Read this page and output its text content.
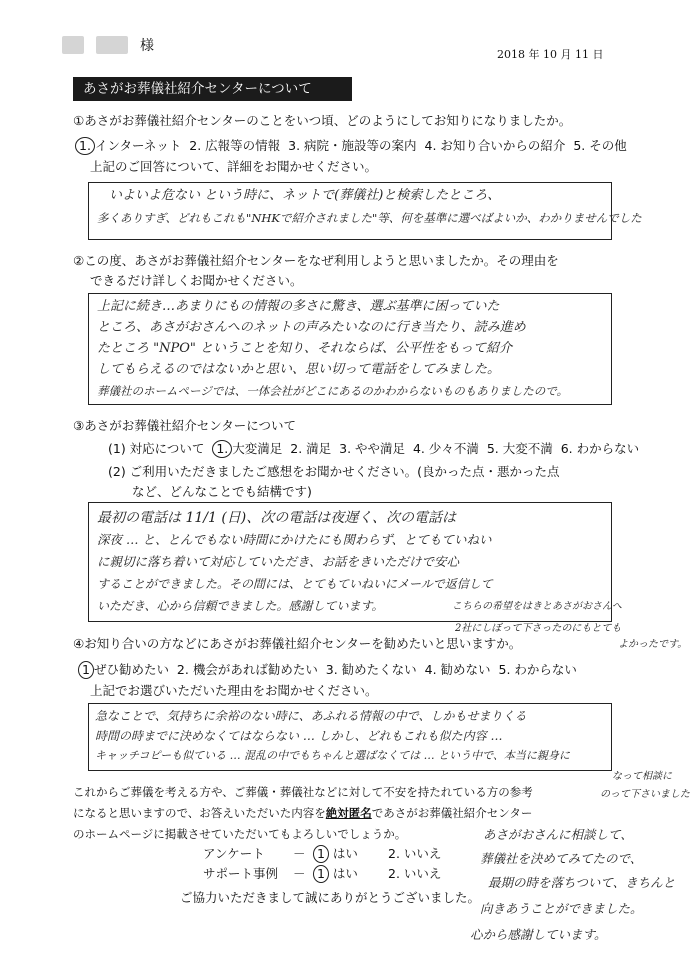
様
2018 年 10 月 11 日
あさがお葬儀社紹介センターについて
①あさがお葬儀社紹介センターのことをいつ頃、どのようにしてお知りになりましたか。
1. インターネット 2. 広報等の情報 3. 病院・施設等の案内 4. お知り合いからの紹介 5. その他
上記のご回答について、詳細をお聞かせください。
いよいよ危ない という時に、ネットで(葬儀社)と検索したところ、
多くありすぎ、どれもこれも"NHKで紹介されました"等、何を基準に選べばよいか、わかりませんでした
②この度、あさがお葬儀社紹介センターをなぜ利用しようと思いましたか。その理由を
できるだけ詳しくお聞かせください。
上記に続き…あまりにもの情報の多さに驚き、選ぶ基準に困っていた
ところ、あさがおさんへのネットの声みたいなのに行き当たり、読み進め
たところ "NPO" ということを知り、それならば、公平性をもって紹介
してもらえるのではないかと思い、思い切って電話をしてみました。
葬儀社のホームページでは、一体会社がどこにあるのかわからないものもありましたので。
③あさがお葬儀社紹介センターについて
(1) 対応について 1. 大変満足 2. 満足 3. やや満足 4. 少々不満 5. 大変不満 6. わからない
(2) ご利用いただきましたご感想をお聞かせください。(良かった点・悪かった点
など、どんなことでも結構です)
最初の電話は 11/1 (日)、次の電話は夜遅く、次の電話は
深夜 … と、とんでもない時間にかけたにも関わらず、とてもていねい
に親切に落ち着いて対応していただき、お話をきいただけで安心
することができました。その間には、とてもていねいにメールで返信して
いただき、心から信頼できました。感謝しています。	こちらの希望をはきとあさがおさんへ
2社にしぼって下さったのにもとても
よかったです。
④お知り合いの方などにあさがお葬儀社紹介センターを勧めたいと思いますか。
1 ぜひ勧めたい 2. 機会があれば勧めたい 3. 勧めたくない 4. 勧めない 5. わからない
上記でお選びいただいた理由をお聞かせください。
急なことで、気持ちに余裕のない時に、あふれる情報の中で、しかもせまりくる
時間の時までに決めなくてはならない … しかし、どれもこれも似た内容 …
キャッチコピーも似ている … 混乱の中でもちゃんと選ばなくては … という中で、本当に親身に
なって相談に
のって下さいました
これからご葬儀を考える方や、ご葬儀・葬儀社などに対して不安を持たれている方の参考
になると思いますので、お答えいただいた内容を絶対匿名であさがお葬儀社紹介センター
のホームページに掲載させていただいてもよろしいでしょうか。
アンケート － 1 はい 2. いいえ
サポート事例 － 1 はい 2. いいえ
ご協力いただきまして誠にありがとうございました。
あさがおさんに相談して、
葬儀社を決めてみてたので、
最期の時を落ちついて、きちんと
向きあうことができました。
心から感謝しています。
